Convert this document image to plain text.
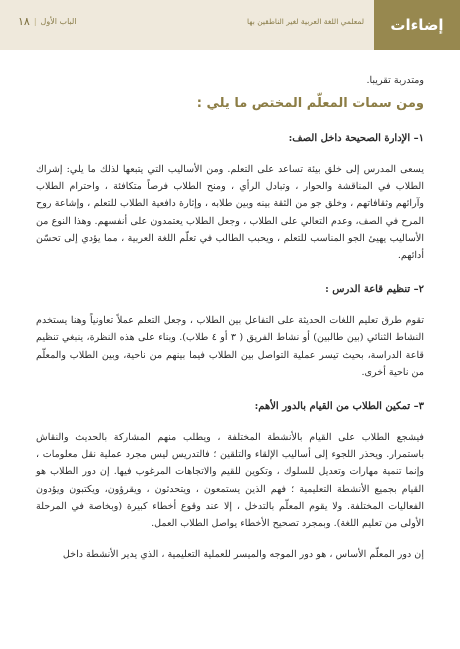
إضاءات
لمعلمي اللغة العربية لغير الناطقين بها
الباب الأول
|
١٨

ومتدربة تقريبا.

ومن سمات المعلّم المختص ما يلي :
١– الإدارة الصحيحة داخل الصف:

يسعى المدرس إلى خلق بيئة تساعد على التعلم. ومن الأساليب التي يتبعها لذلك ما يلي: إشراك الطلاب في المناقشة والحوار ، وتبادل الرأي ، ومنح الطلاب فرصاً متكافئة ، واحترام الطلاب وآرائهم وثقافاتهم ، وخلق جو من الثقة بينه وبين طلابه ، وإثارة دافعية الطلاب للتعلم ، وإشاعة روح المرح في الصف، وعدم التعالي على الطلاب ، وجعل الطلاب يعتمدون على أنفسهم. وهذا النوع من الأساليب يهيئ الجو المناسب للتعلم ، ويحبب الطالب في تعلّم اللغة العربية ، مما يؤدي إلى تحسّن أدائهم.

٢– تنظيم قاعة الدرس :

تقوم طرق تعليم اللغات الحديثة على التفاعل بين الطلاب ، وجعل التعلم عملاً تعاونياً وهنا يستخدم النشاط الثنائي (بين طالبين) أو نشاط الفريق ( ٣ أو ٤ طلاب). وبناء على هذه النظرة، ينبغي تنظيم قاعة الدراسة، بحيث تيسر عملية التواصل بين الطلاب فيما بينهم من ناحية، وبين الطلاب والمعلّم من ناحية أخرى.

٣– تمكين الطلاب من القيام بالدور الأهم:

فيشجع الطلاب على القيام بالأنشطة المختلفة ، ويطلب منهم المشاركة بالحديث والنقاش باستمرار. ويحذر اللجوء إلى أساليب الإلقاء والتلقين ؛ فالتدريس ليس مجرد عملية نقل معلومات ، وإنما تنمية مهارات وتعديل للسلوك ، وتكوين للقيم والاتجاهات المرغوب فيها. إن دور الطلاب هو القيام بجميع الأنشطة التعليمية ؛ فهم الذين يستمعون ، ويتحدثون ، ويقرؤون، ويكتبون ويؤدون الفعاليات المختلفة. ولا يقوم المعلّم بالتدخل ، إلا عند وقوع أخطاء كبيرة (وبخاصة في المرحلة الأولى من تعليم اللغة). وبمجرد تصحيح الأخطاء يواصل الطلاب العمل.

إن دور المعلّم الأساس ، هو دور الموجه والميسر للعملية التعليمية ، الذي يدير الأنشطة داخل
